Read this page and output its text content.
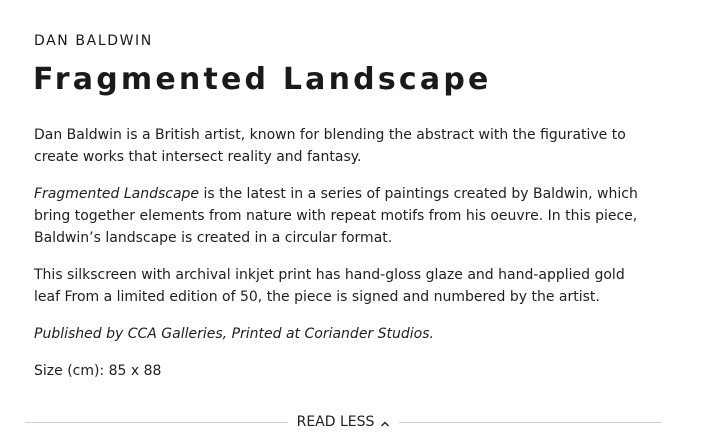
DAN BALDWIN
Fragmented Landscape

Dan Baldwin is a British artist, known for blending the abstract with the figurative to create works that intersect reality and fantasy.

Fragmented Landscape is the latest in a series of paintings created by Baldwin, which bring together elements from nature with repeat motifs from his oeuvre. In this piece, Baldwin’s landscape is created in a circular format.

This silkscreen with archival inkjet print has hand-gloss glaze and hand-applied gold leaf From a limited edition of 50, the piece is signed and numbered by the artist.

Published by CCA Galleries, Printed at Coriander Studios.

Size (cm): 85 x 88

READ LESS
